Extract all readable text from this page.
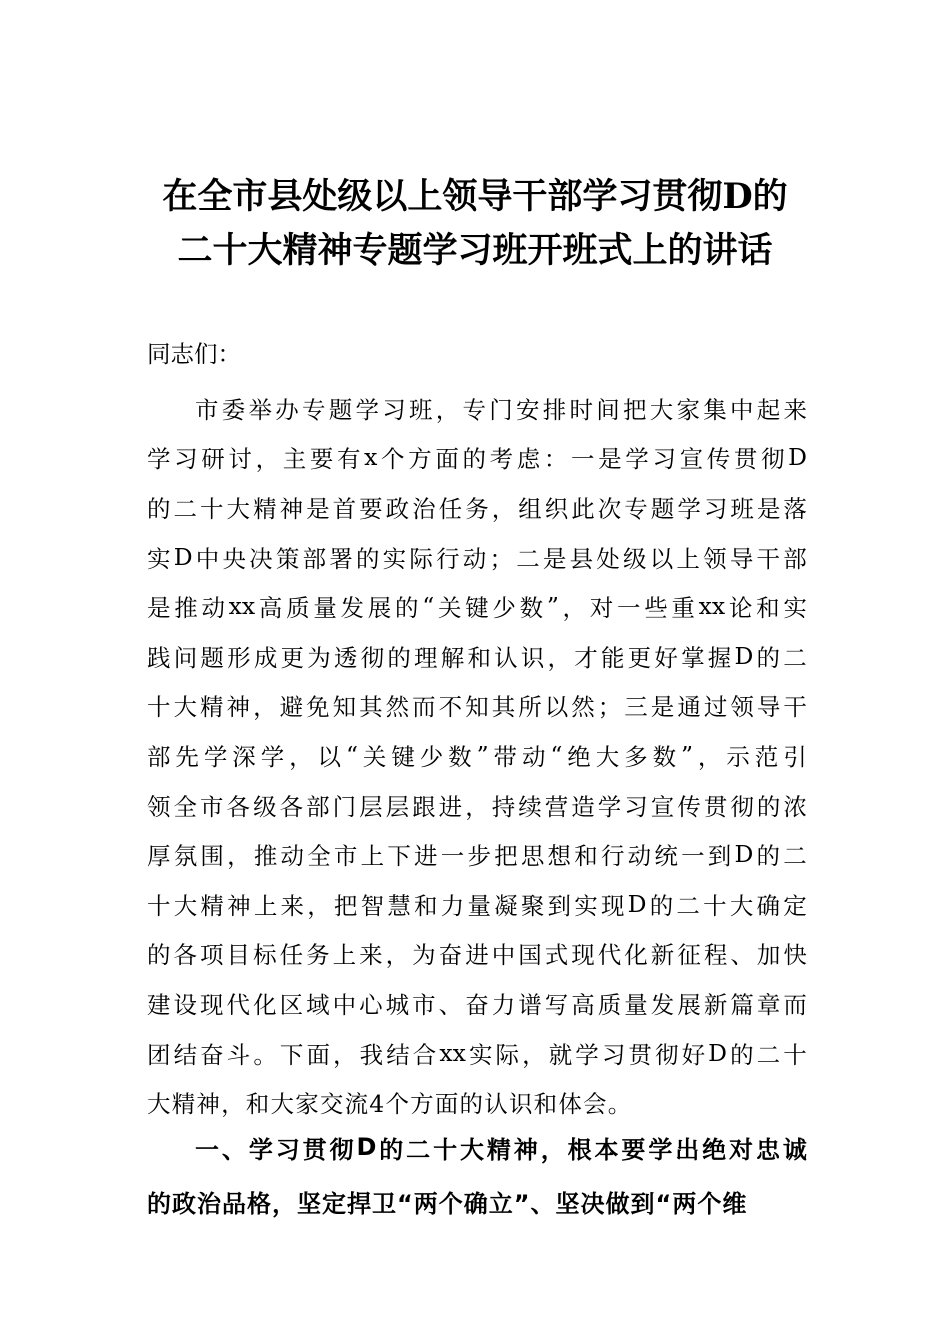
在全市县处级以上领导干部学习贯彻D的
二十大精神专题学习班开班式上的讲话
同志们：
市 委 举 办 专 题 学 习 班 ， 专 门 安 排 时 间 把 大 家 集 中 起 来
学 习 研 讨 ， 主 要 有 x 个 方 面 的 考 虑 ： 一 是 学 习 宣 传 贯 彻 D
的 二 十 大 精 神 是 首 要 政 治 任 务 ， 组 织 此 次 专 题 学 习 班 是 落
实 D 中 央 决 策 部 署 的 实 际 行 动 ； 二 是 县 处 级 以 上 领 导 干 部
是 推 动 xx 高 质 量 发 展 的 “ 关 键 少 数 ” ， 对 一 些 重 xx 论 和 实
践 问 题 形 成 更 为 透 彻 的 理 解 和 认 识 ， 才 能 更 好 掌 握 D 的 二
十 大 精 神 ， 避 免 知 其 然 而 不 知 其 所 以 然 ； 三 是 通 过 领 导 干
部 先 学 深 学 ， 以 “ 关 键 少 数 ” 带 动 “ 绝 大 多 数 ” ， 示 范 引
领 全 市 各 级 各 部 门 层 层 跟 进 ， 持 续 营 造 学 习 宣 传 贯 彻 的 浓
厚 氛 围 ， 推 动 全 市 上 下 进 一 步 把 思 想 和 行 动 统 一 到 D 的 二
十 大 精 神 上 来 ， 把 智 慧 和 力 量 凝 聚 到 实 现 D 的 二 十 大 确 定
的 各 项 目 标 任 务 上 来 ， 为 奋 进 中 国 式 现 代 化 新 征 程 、 加 快
建 设 现 代 化 区 域 中 心 城 市 、 奋 力 谱 写 高 质 量 发 展 新 篇 章 而
团 结 奋 斗 。 下 面 ， 我 结 合 xx 实 际 ， 就 学 习 贯 彻 好 D 的 二 十
大精神，和大家交流4个方面的认识和体会。
一 、 学 习 贯 彻 D 的 二 十 大 精 神 ， 根 本 要 学 出 绝 对 忠 诚
的政治品格，坚定捍卫“两个确立”、坚决做到“两个维
